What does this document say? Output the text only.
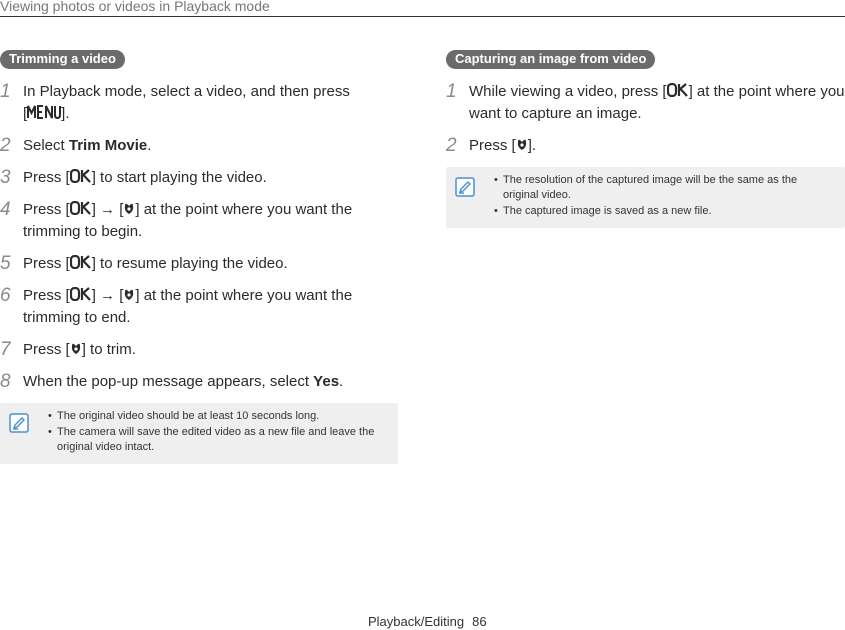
Viewing photos or videos in Playback mode
Trimming a video
1 In Playback mode, select a video, and then press
[ ].
2 Select Trim Movie.
3 Press [ ] to start playing the video.
4 Press [ ] → [ ] at the point where you want the
trimming to begin.
5 Press [ ] to resume playing the video.
6 Press [ ] → [ ] at the point where you want the
trimming to end.
7 Press [ ] to trim.
8 When the pop-up message appears, select Yes.
• The original video should be at least 10 seconds long.
• The camera will save the edited video as a new file and leave the original video intact.
Capturing an image from video
1 While viewing a video, press [ ] at the point where you
want to capture an image.
2 Press [ ].
• The resolution of the captured image will be the same as the original video.
• The captured image is saved as a new file.
Playback/Editing 86
